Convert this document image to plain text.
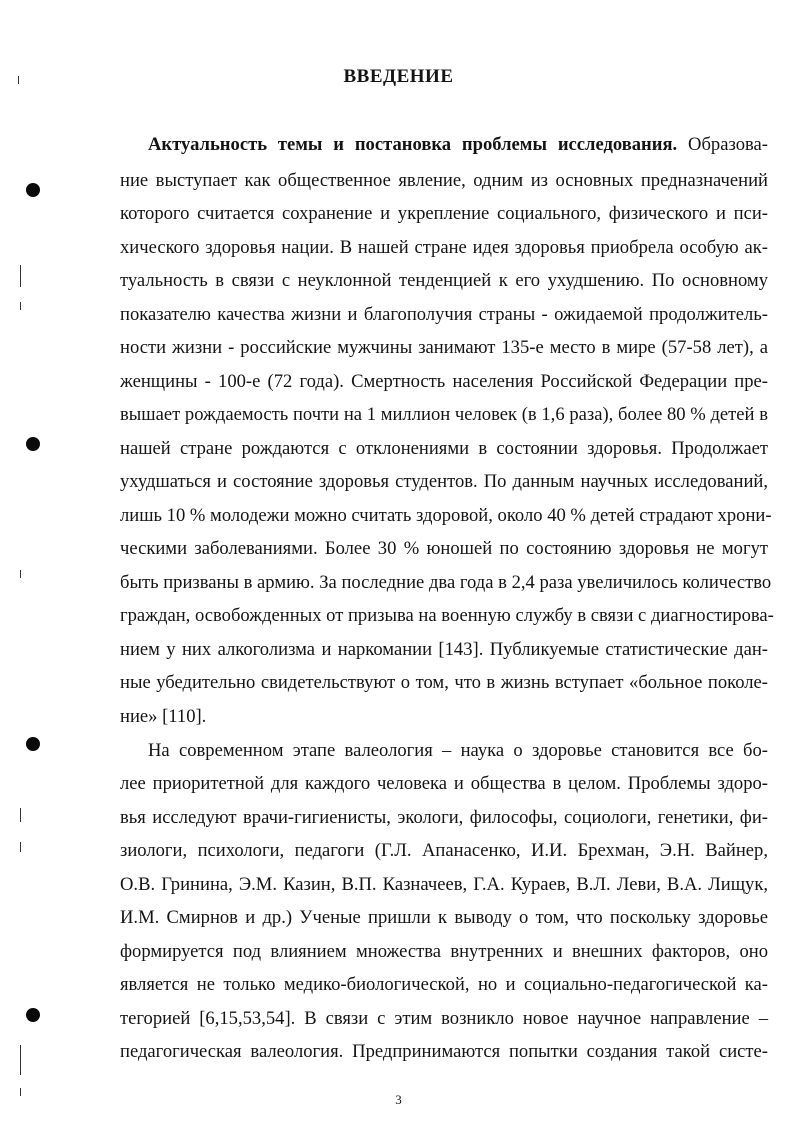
ВВЕДЕНИЕ
Актуальность темы и постановка проблемы исследования. Образова-
ние выступает как общественное явление, одним из основных предназначений
которого считается сохранение и укрепление социального, физического и пси-
хического здоровья нации. В нашей стране идея здоровья приобрела особую ак-
туальность в связи с неуклонной тенденцией к его ухудшению. По основному
показателю качества жизни и благополучия страны - ожидаемой продолжитель-
ности жизни - российские мужчины занимают 135-е место в мире (57-58 лет), а
женщины - 100-е (72 года). Смертность населения Российской Федерации пре-
вышает рождаемость почти на 1 миллион человек (в 1,6 раза), более 80 % детей в
нашей стране рождаются с отклонениями в состоянии здоровья. Продолжает
ухудшаться и состояние здоровья студентов. По данным научных исследований,
лишь 10 % молодежи можно считать здоровой, около 40 % детей страдают хрони-
ческими заболеваниями. Более 30 % юношей по состоянию здоровья не могут
быть призваны в армию. За последние два года в 2,4 раза увеличилось количество
граждан, освобожденных от призыва на военную службу в связи с диагностирова-
нием у них алкоголизма и наркомании [143]. Публикуемые статистические дан-
ные убедительно свидетельствуют о том, что в жизнь вступает «больное поколе-
ние» [110].
На современном этапе валеология – наука о здоровье становится все бо-
лее приоритетной для каждого человека и общества в целом. Проблемы здоро-
вья исследуют врачи-гигиенисты, экологи, философы, социологи, генетики, фи-
зиологи, психологи, педагоги (Г.Л. Апанасенко, И.И. Брехман, Э.Н. Вайнер,
О.В. Гринина, Э.М. Казин, В.П. Казначеев, Г.А. Кураев, В.Л. Леви, В.А. Лищук,
И.М. Смирнов и др.) Ученые пришли к выводу о том, что поскольку здоровье
формируется под влиянием множества внутренних и внешних факторов, оно
является не только медико-биологической, но и социально-педагогической ка-
тегорией [6,15,53,54]. В связи с этим возникло новое научное направление –
педагогическая валеология. Предпринимаются попытки создания такой систе-
3
